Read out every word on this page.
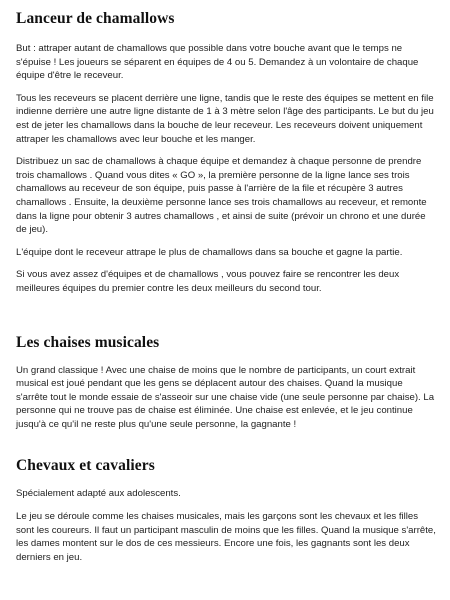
Lanceur de chamallows

But : attraper autant de chamallows que possible dans votre bouche avant que le temps ne s'épuise ! Les joueurs se séparent en équipes de 4 ou 5. Demandez à un volontaire de chaque équipe d'être le receveur.

Tous les receveurs se placent derrière une ligne, tandis que le reste des équipes se mettent en file indienne derrière une autre ligne distante de 1 à 3 mètre selon l'âge des participants. Le but du jeu est de jeter les chamallows dans la bouche de leur receveur. Les receveurs doivent uniquement attraper les chamallows avec leur bouche et les manger.

Distribuez un sac de chamallows à chaque équipe et demandez à chaque personne de prendre trois chamallows . Quand vous dites « GO », la première personne de la ligne lance ses trois chamallows au receveur de son équipe, puis passe à l'arrière de la file et récupère 3 autres chamallows . Ensuite, la deuxième personne lance ses trois chamallows au receveur, et remonte dans la ligne pour obtenir 3 autres chamallows , et ainsi de suite (prévoir un chrono et une durée de jeu).

L'équipe dont le receveur attrape le plus de chamallows dans sa bouche et gagne la partie.

Si vous avez assez d'équipes et de chamallows , vous pouvez faire se rencontrer les deux meilleures équipes du premier contre les deux meilleurs du second tour.

Les chaises musicales

Un grand classique ! Avec une chaise de moins que le nombre de participants, un court extrait musical est joué pendant que les gens se déplacent autour des chaises. Quand la musique s'arrête tout le monde essaie de s'asseoir sur une chaise vide (une seule personne par chaise). La personne qui ne trouve pas de chaise est éliminée. Une chaise est enlevée, et le jeu continue jusqu'à ce qu'il ne reste plus qu'une seule personne, la gagnante !

Chevaux et cavaliers

Spécialement adapté aux adolescents.

Le jeu se déroule comme les chaises musicales, mais les garçons sont les chevaux et les filles sont les coureurs. Il faut un participant masculin de moins que les filles. Quand la musique s'arrête, les dames montent sur le dos de ces messieurs. Encore une fois, les gagnants sont les deux derniers en jeu.
